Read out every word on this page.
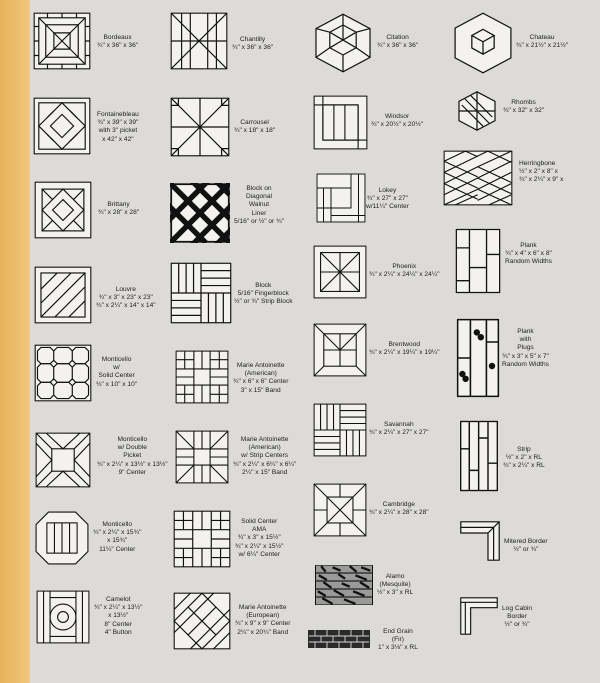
Bordeaux
¾" x 36" x 36"
Chantilly
¾" x 36" x 36"
Citation
¾" x 36" x 36"
Chateau
¾" x 21½" x 21½"
Fontainebleau
¾" x 39" x 39"
with 3" picket
x 42" x 42"
Carrousel
¾" x 18" x 18"
Windsor
¾" x 20½" x 20½"
Rhombs
¾" x 32" x 32"
Brittany
¾" x 28" x 28"
Block on
Diagonal
Walnut
Liner
5/16" or ½" or ¾"
Lokey
¾" x 27" x 27"
w/11¼" Center
Herringbone
½" x 2" x 8" x
¾" x 2¼" x 9" x
Louvre
¾" x 3" x 23" x 23"
¾" x 2¼" x 14" x 14"
Block
5/16" Fingerblock
½" or ¾" Strip Block
Phoenix
¾" x 2¼" x 24¼" x 24¼"
Plank
¾" x 4" x 6" x 8"
Random Widths
Monticello
w/
Solid Center
¾" x 10" x 10"
Marie Antoinette
(American)
¾" x 6" x 6" Center
3" x 15" Band
Brentwood
¾" x 2¼" x 19¼" x 19¼"
Plank
with
Plugs
¾" x 3" x 5" x 7"
Random Widths
Monticello
w/ Double
Picket
¾" x 2¼" x 13½" x 13½"
9" Center
Marie Antoinette
(American)
w/ Strip Centers
¾" x 2¼" x 6¼" x 6¼"
2¼" x 15" Band
Savannah
¾" x 2¼" x 27" x 27"
Strip
½" x 2" x RL
¾" x 2¼" x RL
Monticello
¾" x 2¼" x 15¾"
x 15¾"
11¼" Center
Solid Center
AMA
¾" x 3" x 15½"
¾" x 2¼" x 15½"
w/ 6¼" Center
Cambridge
¾" x 2¼" x 28" x 28"
Mitered Border
½" or ¾"
Camelot
¾" x 2¼" x 13½"
x 13½"
8" Center
4" Button
Marie Antoinette
(European)
¾" x 9" x 9" Center
2¼" x 20¼" Band
Alamo
(Mesquite)
½" x 3" x RL
Log Cabin
Border
½" or ¾"
End Grain
(Fir)
1" x 3⅛" x RL
